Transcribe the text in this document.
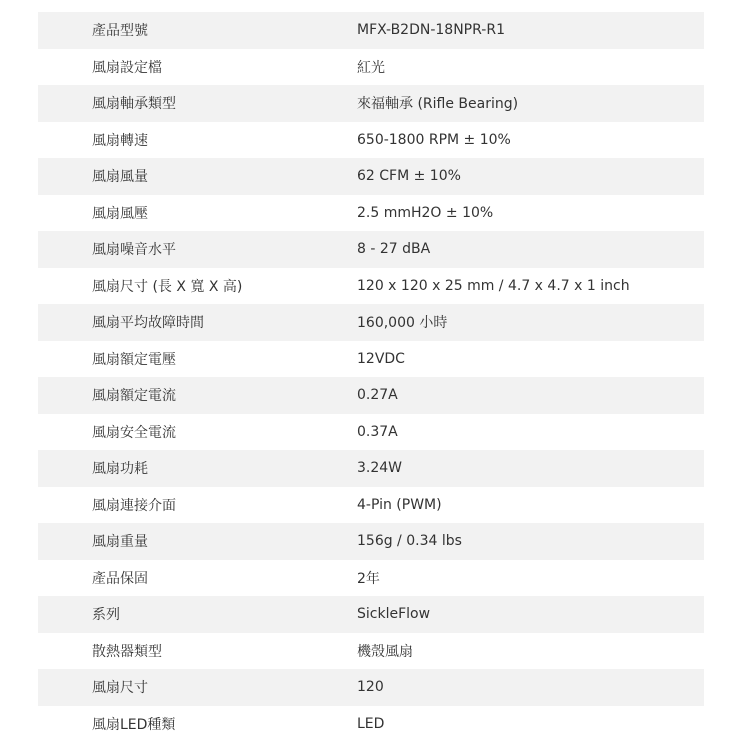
產品型號	MFX-B2DN-18NPR-R1
風扇設定檔	紅光
風扇軸承類型	來福軸承 (Rifle Bearing)
風扇轉速	650-1800 RPM ± 10%
風扇風量	62 CFM ± 10%
風扇風壓	2.5 mmH2O ± 10%
風扇噪音水平	8 - 27 dBA
風扇尺寸 (長 X 寬 X 高)	120 x 120 x 25 mm / 4.7 x 4.7 x 1 inch
風扇平均故障時間	160,000 小時
風扇額定電壓	12VDC
風扇額定電流	0.27A
風扇安全電流	0.37A
風扇功耗	3.24W
風扇連接介面	4-Pin (PWM)
風扇重量	156g / 0.34 lbs
產品保固	2年
系列	SickleFlow
散熱器類型	機殼風扇
風扇尺寸	120
風扇LED種類	LED
